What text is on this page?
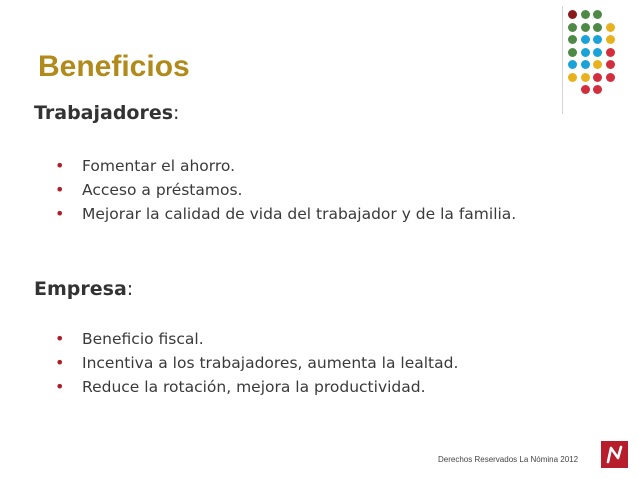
Beneficios

Trabajadores:

• Fomentar el ahorro.
• Acceso a préstamos.
• Mejorar la calidad de vida del trabajador y de la familia.

Empresa:

• Beneficio fiscal.
• Incentiva a los trabajadores, aumenta la lealtad.
• Reduce la rotación, mejora la productividad.
Derechos Reservados La Nómina 2012
